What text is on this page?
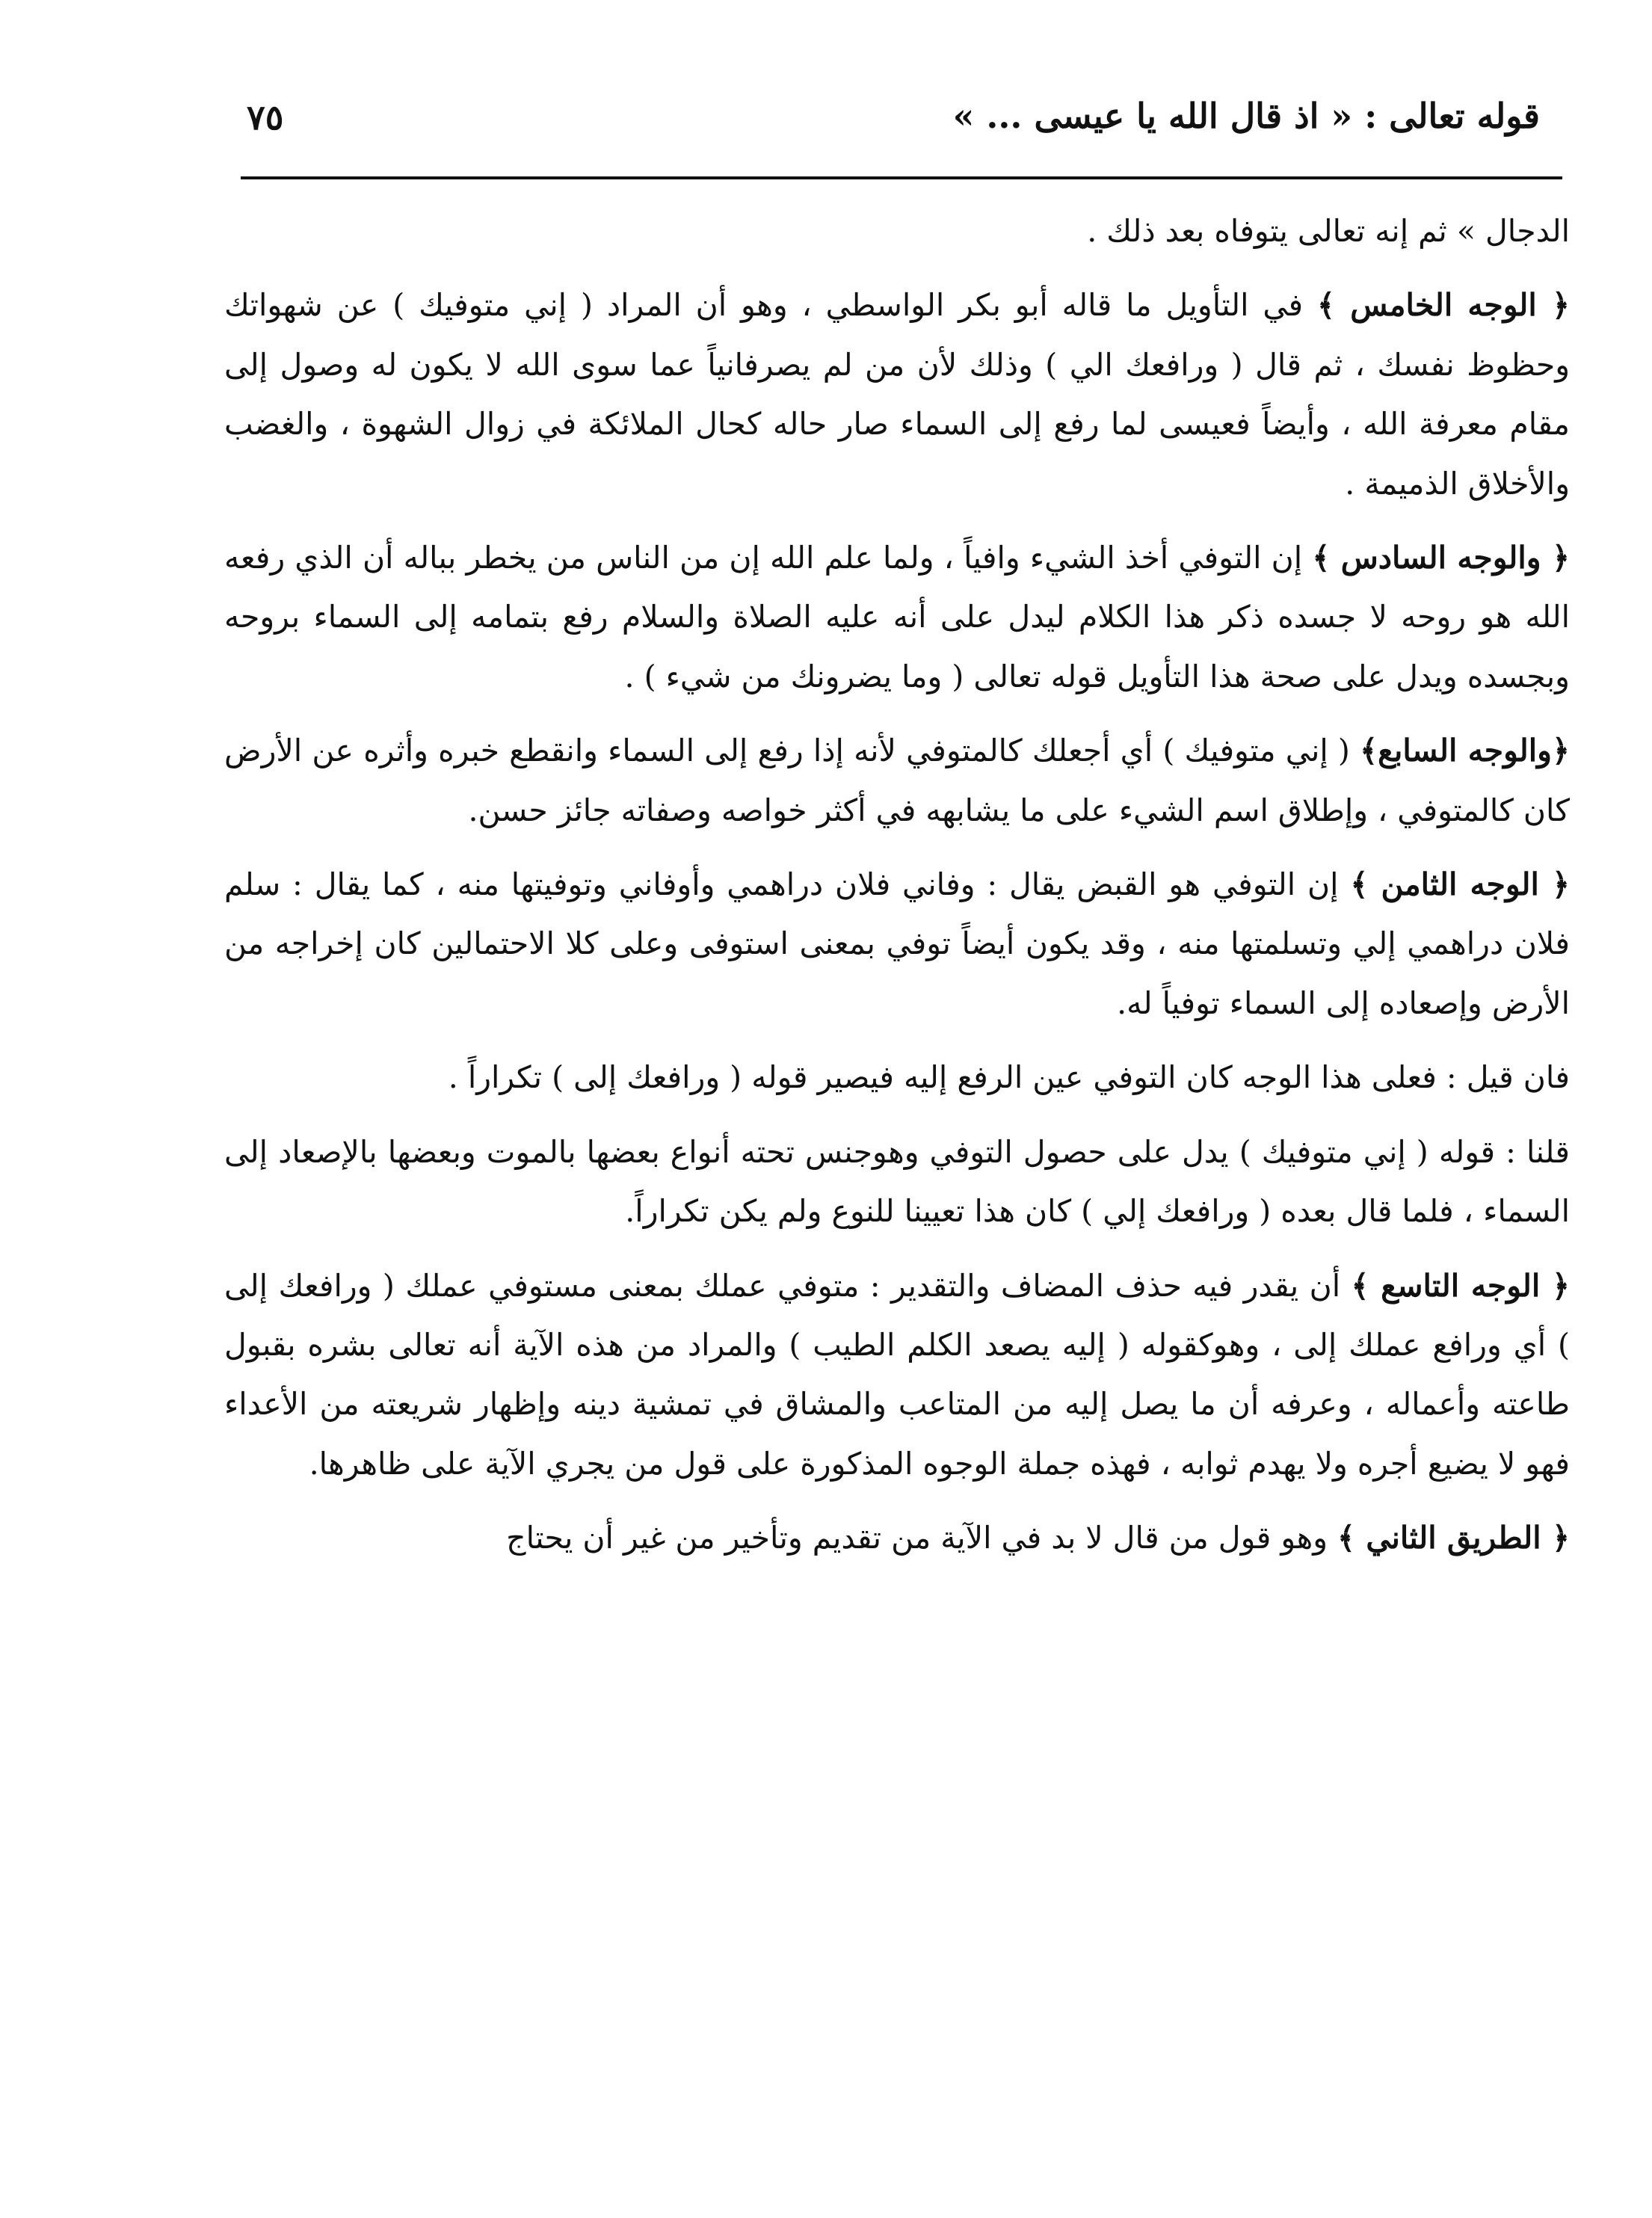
قوله تعالى : « اذ قال الله يا عيسى ... »
٧٥

الدجال » ثم إنه تعالى يتوفاه بعد ذلك .

﴿ الوجه الخامس ﴾ في التأويل ما قاله أبو بكر الواسطي ، وهو أن المراد ( إني متوفيك ) عن شهواتك وحظوظ نفسك ، ثم قال ( ورافعك الي ) وذلك لأن من لم يصرفانياً عما سوى الله لا يكون له وصول إلى مقام معرفة الله ، وأيضاً فعيسى لما رفع إلى السماء صار حاله كحال الملائكة في زوال الشهوة ، والغضب والأخلاق الذميمة .

﴿ والوجه السادس ﴾ إن التوفي أخذ الشيء وافياً ، ولما علم الله إن من الناس من يخطر بباله أن الذي رفعه الله هو روحه لا جسده ذكر هذا الكلام ليدل على أنه عليه الصلاة والسلام رفع بتمامه إلى السماء بروحه وبجسده ويدل على صحة هذا التأويل قوله تعالى ( وما يضرونك من شيء ) .

﴿والوجه السابع﴾ ( إني متوفيك ) أي أجعلك كالمتوفي لأنه إذا رفع إلى السماء وانقطع خبره وأثره عن الأرض كان كالمتوفي ، وإطلاق اسم الشيء على ما يشابهه في أكثر خواصه وصفاته جائز حسن.

﴿ الوجه الثامن ﴾ إن التوفي هو القبض يقال : وفاني فلان دراهمي وأوفاني وتوفيتها منه ، كما يقال : سلم فلان دراهمي إلي وتسلمتها منه ، وقد يكون أيضاً توفي بمعنى استوفى وعلى كلا الاحتمالين كان إخراجه من الأرض وإصعاده إلى السماء توفياً له.

فان قيل : فعلى هذا الوجه كان التوفي عين الرفع إليه فيصير قوله ( ورافعك إلى ) تكراراً .

قلنا : قوله ( إني متوفيك ) يدل على حصول التوفي وهوجنس تحته أنواع بعضها بالموت وبعضها بالإصعاد إلى السماء ، فلما قال بعده ( ورافعك إلي ) كان هذا تعيينا للنوع ولم يكن تكراراً.

﴿ الوجه التاسع ﴾ أن يقدر فيه حذف المضاف والتقدير : متوفي عملك بمعنى مستوفي عملك ( ورافعك إلى ) أي ورافع عملك إلى ، وهوكقوله ( إليه يصعد الكلم الطيب ) والمراد من هذه الآية أنه تعالى بشره بقبول طاعته وأعماله ، وعرفه أن ما يصل إليه من المتاعب والمشاق في تمشية دينه وإظهار شريعته من الأعداء فهو لا يضيع أجره ولا يهدم ثوابه ، فهذه جملة الوجوه المذكورة على قول من يجري الآية على ظاهرها.

﴿ الطريق الثاني ﴾ وهو قول من قال لا بد في الآية من تقديم وتأخير من غير أن يحتاج
